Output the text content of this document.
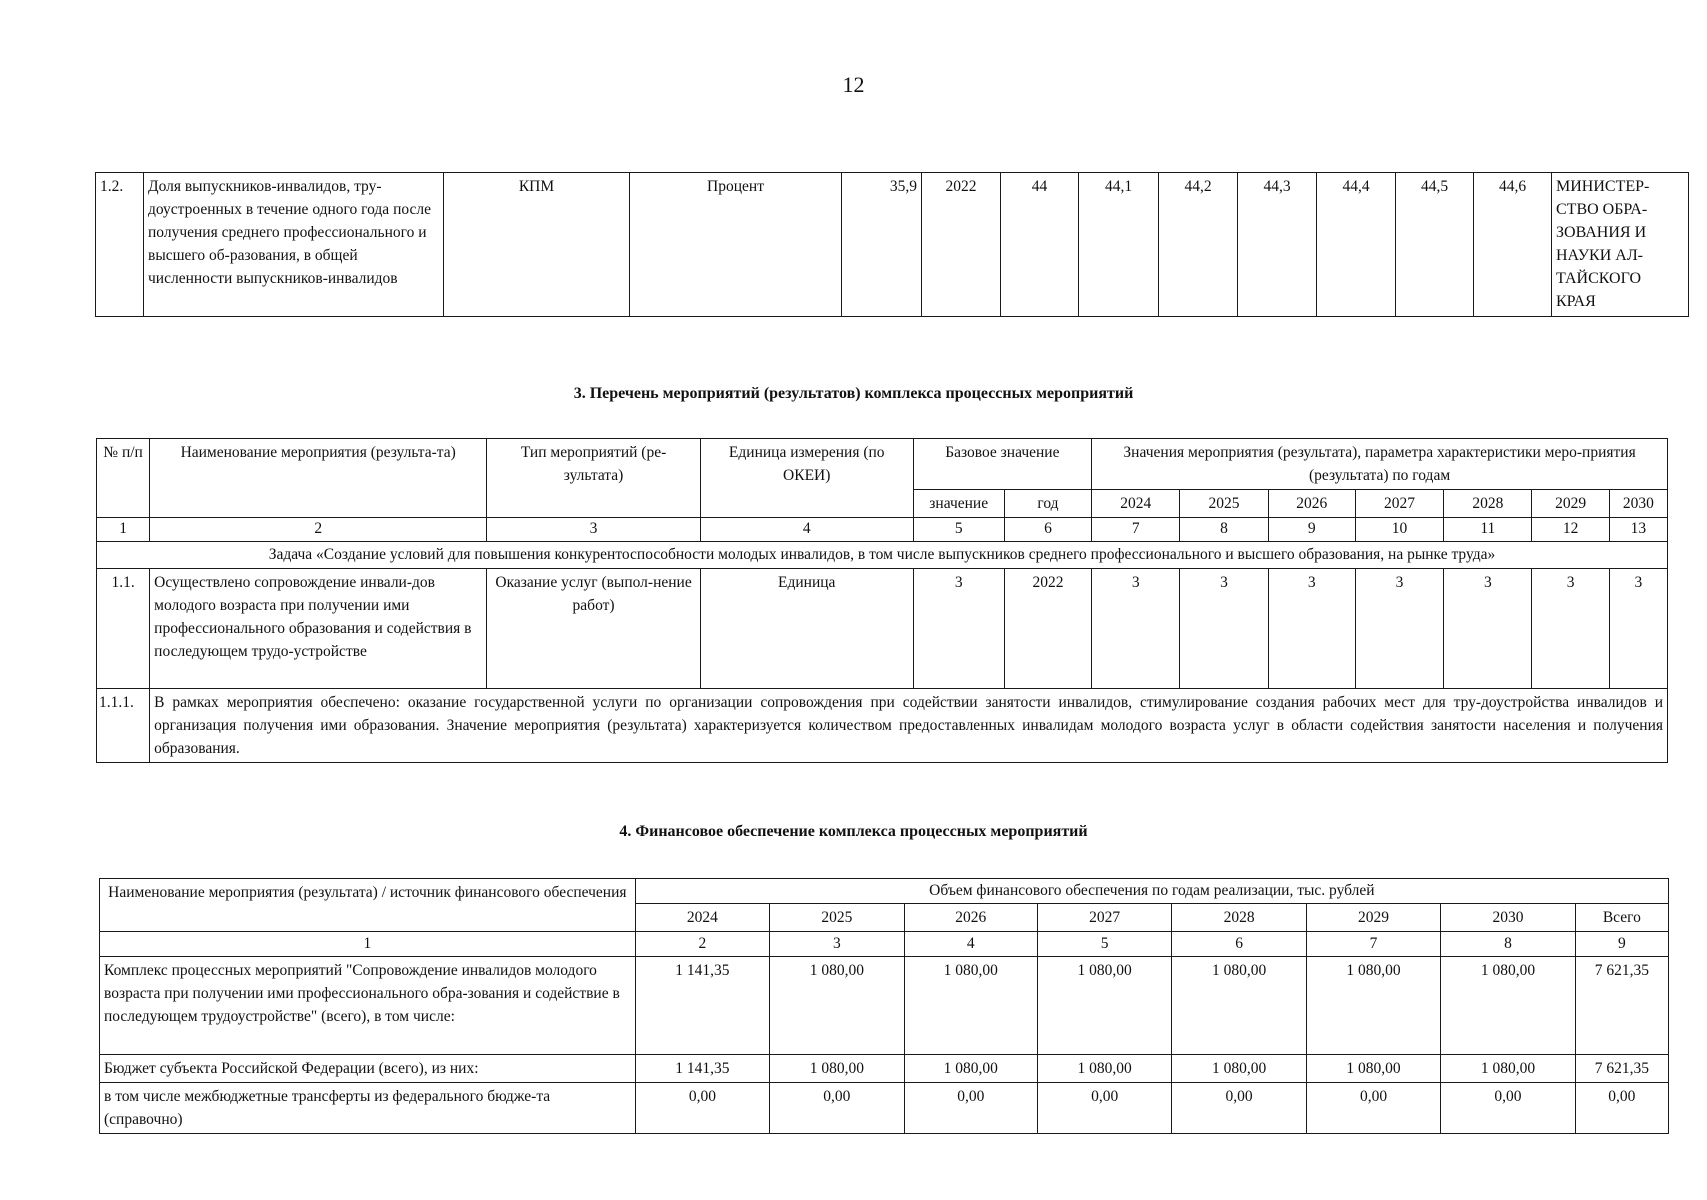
12
1.2.	Доля выпускников-инвалидов, тру-доустроенных в течение одного года после получения среднего профессионального и высшего об-разования, в общей численности выпускников-инвалидов	КПМ	Процент	35,9	2022	44	44,1	44,2	44,3	44,4	44,5	44,6	МИНИСТЕР-СТВО ОБРА-ЗОВАНИЯ И НАУКИ АЛ-ТАЙСКОГО КРАЯ
3. Перечень мероприятий (результатов) комплекса процессных мероприятий
№ п/п	Наименование мероприятия (результа-та)	Тип мероприятий (ре-зультата)	Единица измерения (по ОКЕИ)	Базовое значение		Значения мероприятия (результата), параметра характеристики меро-приятия (результата) по годам						
				значение	год	2024	2025	2026	2027	2028	2029	2030
1	2	3	4	5	6	7	8	9	10	11	12	13
Задача «Создание условий для повышения конкурентоспособности молодых инвалидов, в том числе выпускников среднего профессионального и высшего образования, на рынке труда»												
1.1.	Осуществлено сопровождение инвали-дов молодого возраста при получении ими профессионального образования и содействия в последующем трудо-устройстве	Оказание услуг (выпол-нение работ)	Единица	3	2022	3	3	3	3	3	3	3
1.1.1.	В рамках мероприятия обеспечено: оказание государственной услуги по организации сопровождения при содействии занятости инвалидов, стимулирование создания рабочих мест для тру-доустройства инвалидов и организация получения ими образования. Значение мероприятия (результата) характеризуется количеством предоставленных инвалидам молодого возраста услуг в области содействия занятости населения и получения образования.											
4. Финансовое обеспечение комплекса процессных мероприятий
Наименование мероприятия (результата) / источник финансового обеспечения	Объем финансового обеспечения по годам реализации, тыс. рублей							
	2024	2025	2026	2027	2028	2029	2030	Всего
1	2	3	4	5	6	7	8	9
Комплекс процессных мероприятий "Сопровождение инвалидов молодого возраста при получении ими профессионального обра-зования и содействие в последующем трудоустройстве" (всего), в том числе:	1 141,35	1 080,00	1 080,00	1 080,00	1 080,00	1 080,00	1 080,00	7 621,35
Бюджет субъекта Российской Федерации (всего), из них:	1 141,35	1 080,00	1 080,00	1 080,00	1 080,00	1 080,00	1 080,00	7 621,35
в том числе межбюджетные трансферты из федерального бюдже-та (справочно)	0,00	0,00	0,00	0,00	0,00	0,00	0,00	0,00
